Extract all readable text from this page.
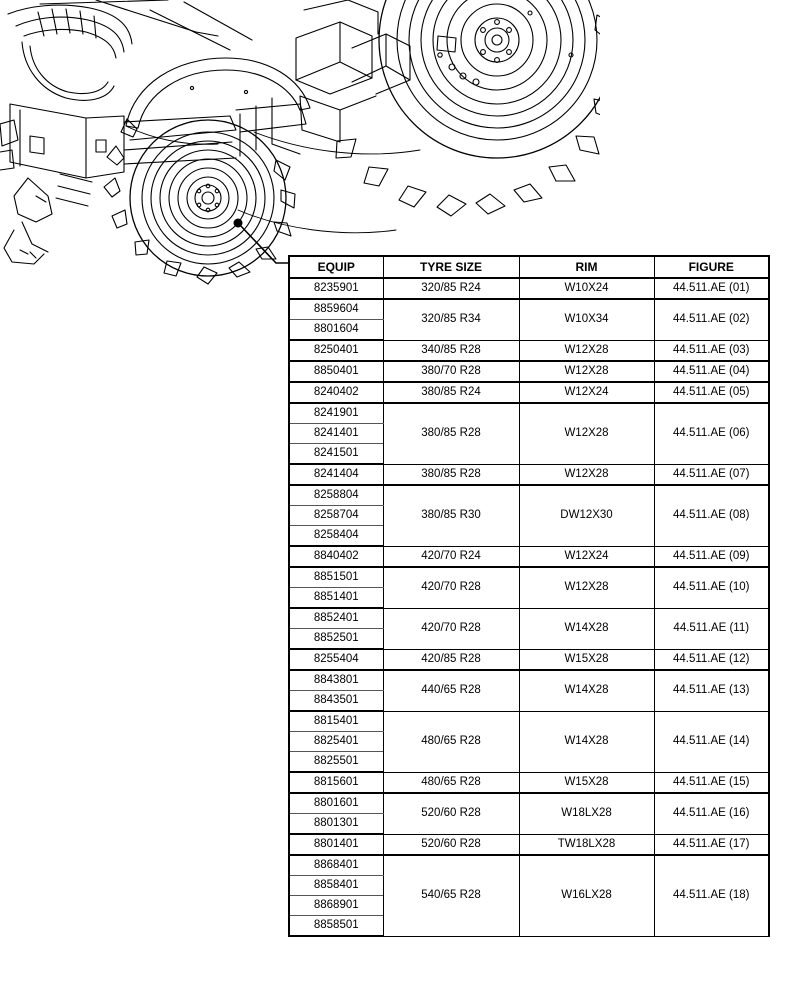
EQUIP	TYRE SIZE	RIM	FIGURE
8235901	320/85 R24	W10X24	44.511.AE (01)
8859604	320/85 R34	W10X34	44.511.AE (02)
8801604			
8250401	340/85 R28	W12X28	44.511.AE (03)
8850401	380/70 R28	W12X28	44.511.AE (04)
8240402	380/85 R24	W12X24	44.511.AE (05)
8241901	380/85 R28	W12X28	44.511.AE (06)
8241401			
8241501			
8241404	380/85 R28	W12X28	44.511.AE (07)
8258804	380/85 R30	DW12X30	44.511.AE (08)
8258704			
8258404			
8840402	420/70 R24	W12X24	44.511.AE (09)
8851501	420/70 R28	W12X28	44.511.AE (10)
8851401			
8852401	420/70 R28	W14X28	44.511.AE (11)
8852501			
8255404	420/85 R28	W15X28	44.511.AE (12)
8843801	440/65 R28	W14X28	44.511.AE (13)
8843501			
8815401	480/65 R28	W14X28	44.511.AE (14)
8825401			
8825501			
8815601	480/65 R28	W15X28	44.511.AE (15)
8801601	520/60 R28	W18LX28	44.511.AE (16)
8801301			
8801401	520/60 R28	TW18LX28	44.511.AE (17)
8868401	540/65 R28	W16LX28	44.511.AE (18)
8858401			
8868901			
8858501			
